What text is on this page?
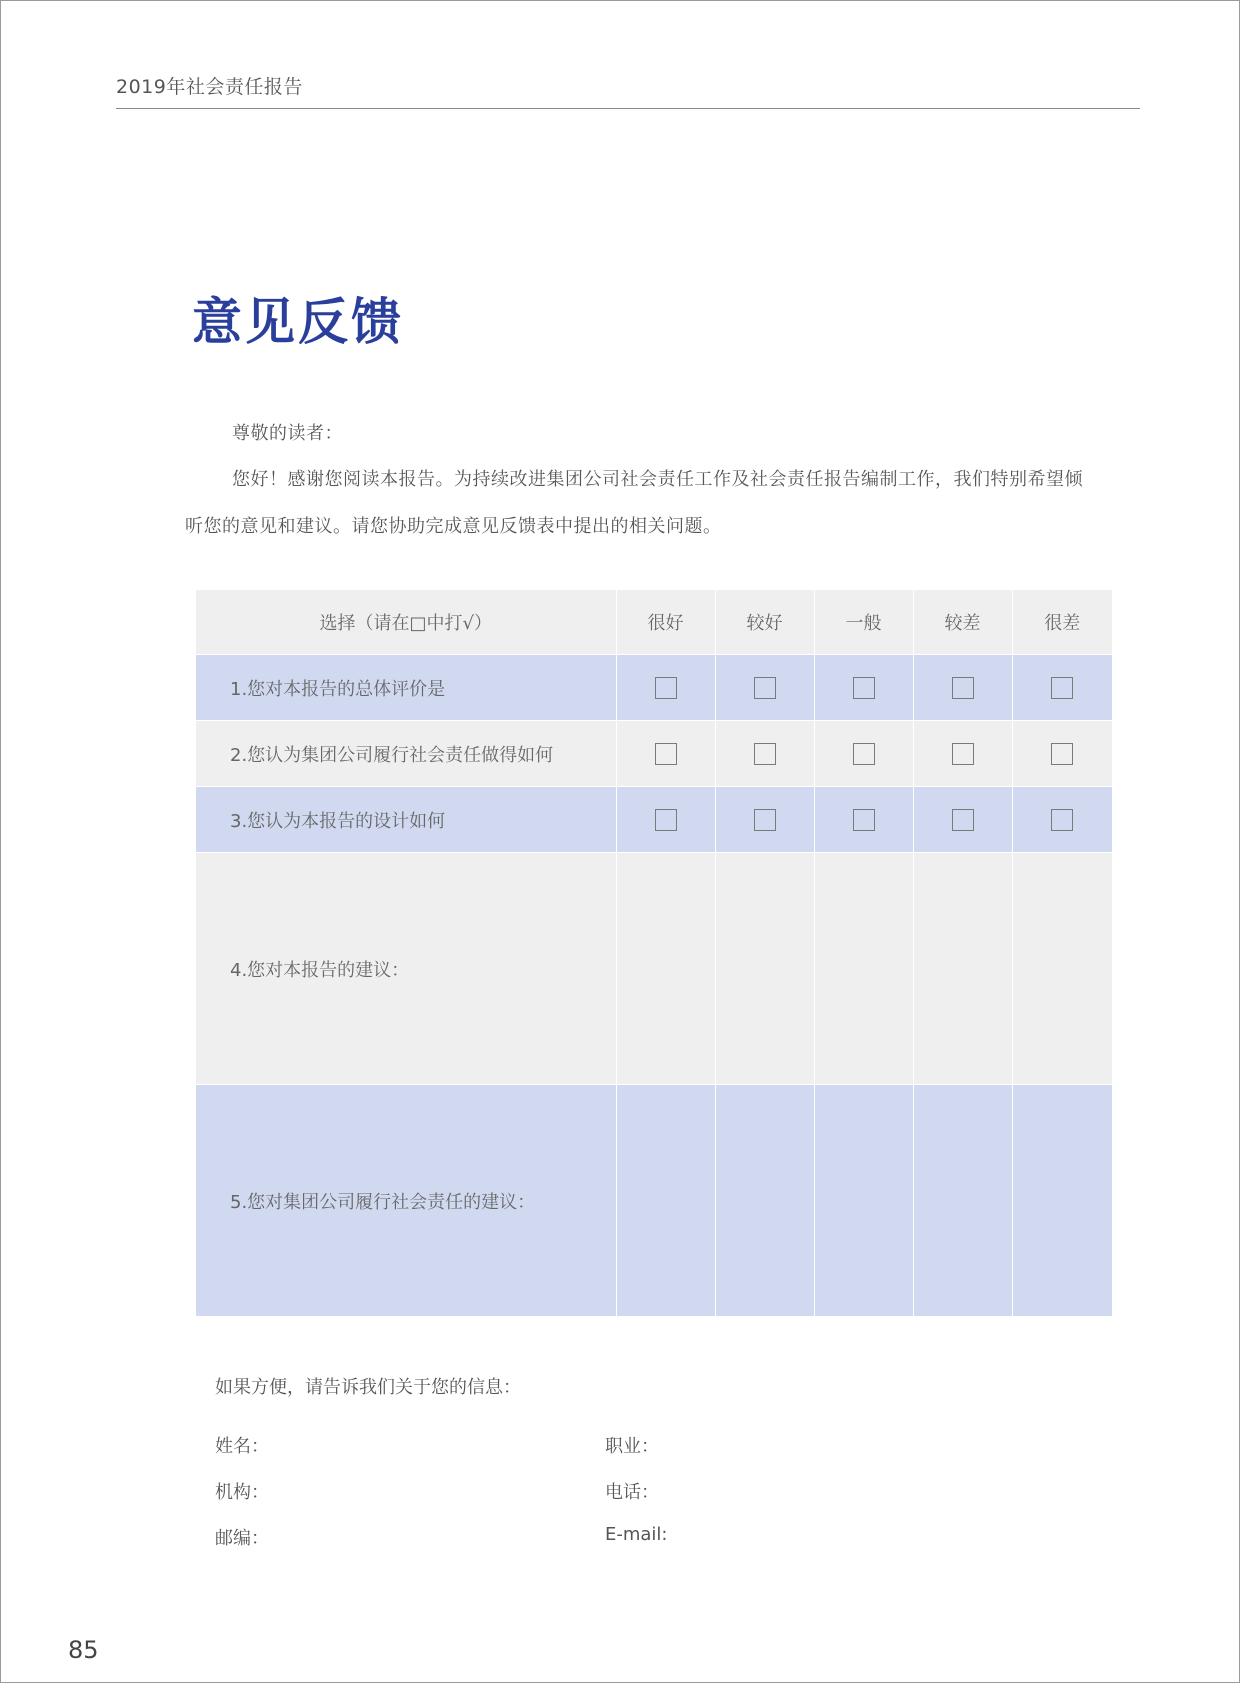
2019年社会责任报告
意见反馈
尊敬的读者：
您好！感谢您阅读本报告。为持续改进集团公司社会责任工作及社会责任报告编制工作，我们特别希望倾
听您的意见和建议。请您协助完成意见反馈表中提出的相关问题。
选择（请在□中打√）	很好	较好	一般	较差	很差
1.您对本报告的总体评价是					
2.您认为集团公司履行社会责任做得如何					
3.您认为本报告的设计如何					
4.您对本报告的建议：					
5.您对集团公司履行社会责任的建议：					
如果方便，请告诉我们关于您的信息：
姓名：	职业：
机构：	电话：
邮编：	E-mail:
85
